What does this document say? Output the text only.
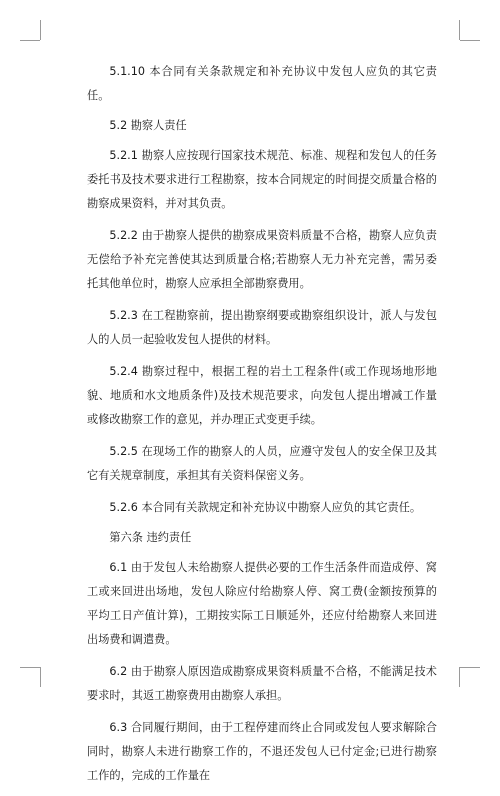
5.1.10 本合同有关条款规定和补充协议中发包人应负的其它责任。

5.2 勘察人责任

5.2.1 勘察人应按现行国家技术规范、标准、规程和发包人的任务委托书及技术要求进行工程勘察，按本合同规定的时间提交质量合格的勘察成果资料，并对其负责。

5.2.2 由于勘察人提供的勘察成果资料质量不合格，勘察人应负责无偿给予补充完善使其达到质量合格;若勘察人无力补充完善，需另委托其他单位时，勘察人应承担全部勘察费用。

5.2.3 在工程勘察前，提出勘察纲要或勘察组织设计，派人与发包人的人员一起验收发包人提供的材料。

5.2.4 勘察过程中，根据工程的岩土工程条件(或工作现场地形地貌、地质和水文地质条件)及技术规范要求，向发包人提出增减工作量或修改勘察工作的意见，并办理正式变更手续。

5.2.5 在现场工作的勘察人的人员，应遵守发包人的安全保卫及其它有关规章制度，承担其有关资料保密义务。

5.2.6 本合同有关款规定和补充协议中勘察人应负的其它责任。

第六条 违约责任

6.1 由于发包人未给勘察人提供必要的工作生活条件而造成停、窝工或来回进出场地，发包人除应付给勘察人停、窝工费(金额按预算的平均工日产值计算)，工期按实际工日顺延外，还应付给勘察人来回进出场费和调遣费。

6.2 由于勘察人原因造成勘察成果资料质量不合格，不能满足技术要求时，其返工勘察费用由勘察人承担。

6.3 合同履行期间，由于工程停建而终止合同或发包人要求解除合同时，勘察人未进行勘察工作的，不退还发包人已付定金;已进行勘察工作的，完成的工作量在
